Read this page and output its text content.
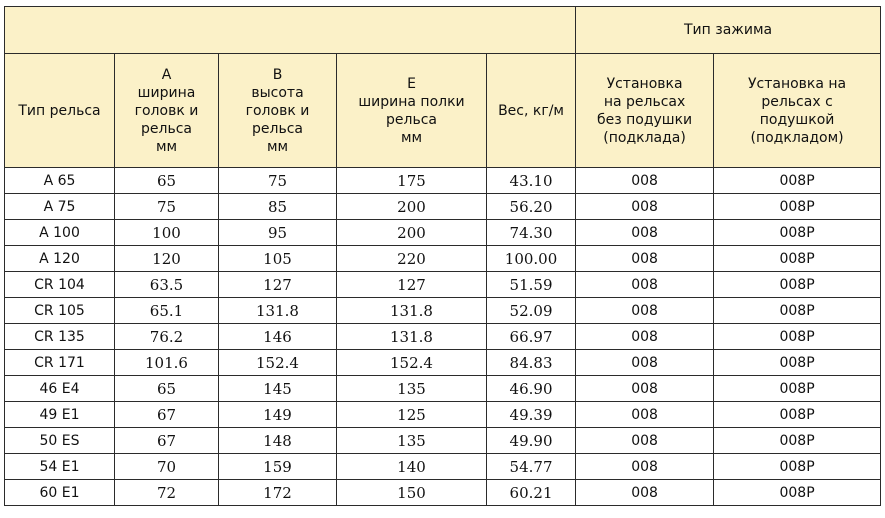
					Тип зажима	

Тип рельса	A
ширина
головк и
рельса
мм	B
высота
головк и
рельса
мм	E
ширина полки
рельса
мм	Вес, кг/м	Установка
на рельсах
без подушки
(подклада)	Установка на
рельсах с
подушкой
(подкладом)

A 65	65	75	175	43.10	008	008P
A 75	75	85	200	56.20	008	008P
A 100	100	95	200	74.30	008	008P
A 120	120	105	220	100.00	008	008P
CR 104	63.5	127	127	51.59	008	008P
CR 105	65.1	131.8	131.8	52.09	008	008P
CR 135	76.2	146	131.8	66.97	008	008P
CR 171	101.6	152.4	152.4	84.83	008	008P
46 E4	65	145	135	46.90	008	008P
49 E1	67	149	125	49.39	008	008P
50 ES	67	148	135	49.90	008	008P
54 E1	70	159	140	54.77	008	008P
60 E1	72	172	150	60.21	008	008P
